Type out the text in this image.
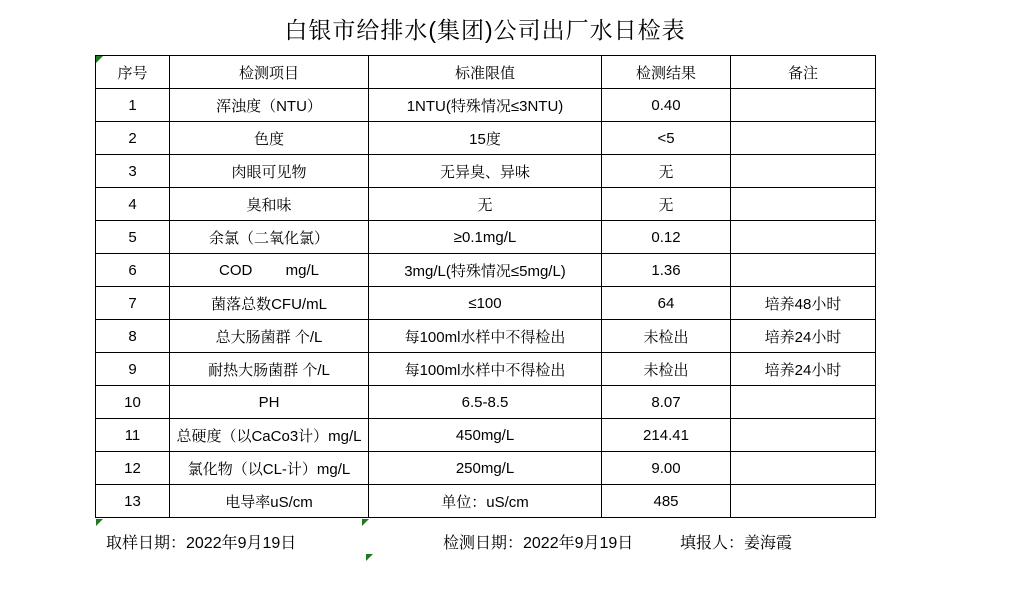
白银市给排水(集团)公司出厂水日检表
序号	检测项目	标准限值	检测结果	备注
1	浑浊度（NTU）	1NTU(特殊情况≤3NTU)	0.40	
2	色度	15度	<5	
3	肉眼可见物	无异臭、异味	无	
4	臭和味	无	无	
5	余氯（二氧化氯）	≥0.1mg/L	0.12	
6	COD        mg/L	3mg/L(特殊情况≤5mg/L)	1.36	
7	菌落总数CFU/mL	≤100	64	培养48小时
8	总大肠菌群 个/L	每100ml水样中不得检出	未检出	培养24小时
9	耐热大肠菌群 个/L	每100ml水样中不得检出	未检出	培养24小时
10	PH	6.5-8.5	8.07	
11	总硬度（以CaCo3计）mg/L	450mg/L	214.41	
12	氯化物（以CL-计）mg/L	250mg/L	9.00	
13	电导率uS/cm	单位：uS/cm	485	
取样日期：2022年9月19日	检测日期：2022年9月19日	填报人：姜海霞
